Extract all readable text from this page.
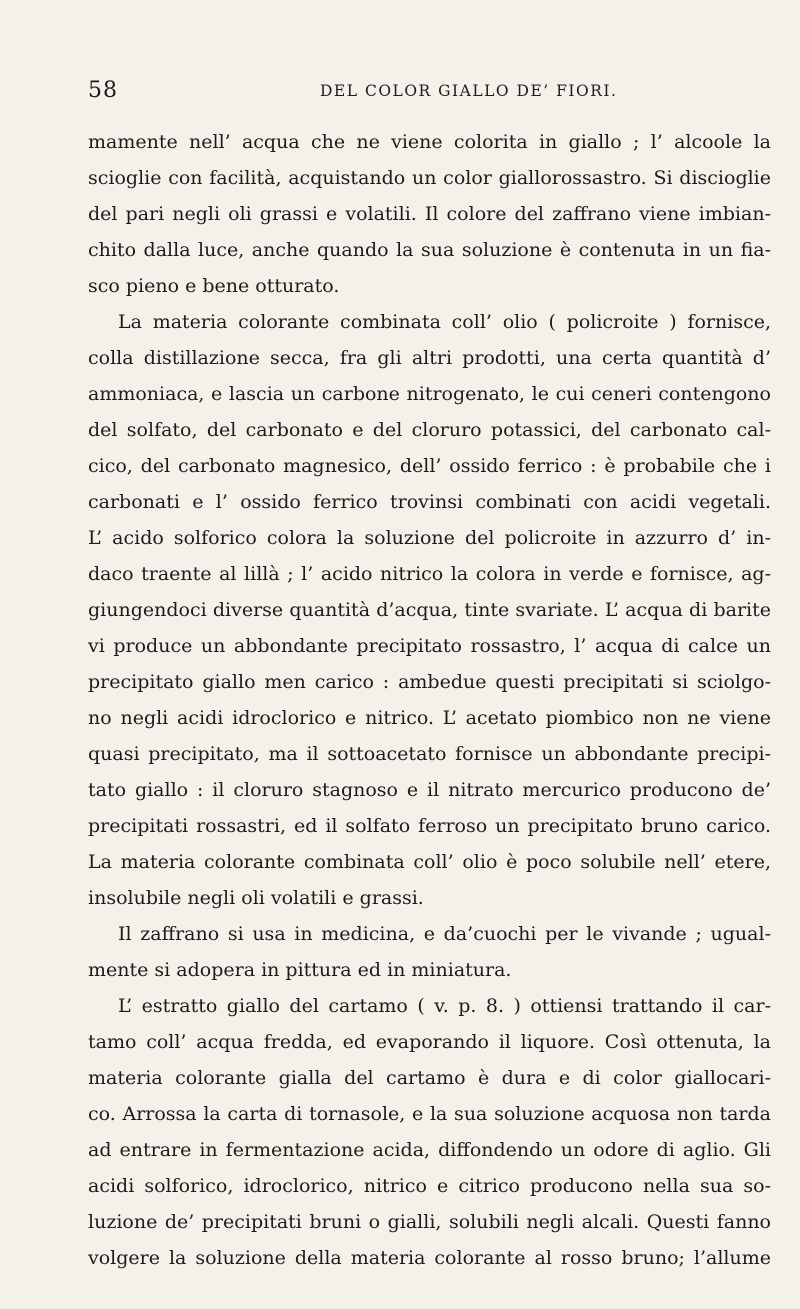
58	DEL COLOR GIALLO DE’ FIORI.
mamente nell’ acqua che ne viene colorita in giallo ; l’ alcoole la
scioglie con facilità, acquistando un color giallorossastro. Si discioglie
del pari negli oli grassi e volatili. Il colore del zaffrano viene imbian-
chito dalla luce, anche quando la sua soluzione è contenuta in un fia-
sco pieno e bene otturato.
La materia colorante combinata coll’ olio ( policroite ) fornisce,
colla distillazione secca, fra gli altri prodotti, una certa quantità d’
ammoniaca, e lascia un carbone nitrogenato, le cui ceneri contengono
del solfato, del carbonato e del cloruro potassici, del carbonato cal-
cico, del carbonato magnesico, dell’ ossido ferrico : è probabile che i
carbonati e l’ ossido ferrico trovinsi combinati con acidi vegetali.
L’ acido solforico colora la soluzione del policroite in azzurro d’ in-
daco traente al lillà ; l’ acido nitrico la colora in verde e fornisce, ag-
giungendoci diverse quantità d’acqua, tinte svariate. L’ acqua di barite
vi produce un abbondante precipitato rossastro, l’ acqua di calce un
precipitato giallo men carico : ambedue questi precipitati si sciolgo-
no negli acidi idroclorico e nitrico. L’ acetato piombico non ne viene
quasi precipitato, ma il sottoacetato fornisce un abbondante precipi-
tato giallo : il cloruro stagnoso e il nitrato mercurico producono de’
precipitati rossastri, ed il solfato ferroso un precipitato bruno carico.
La materia colorante combinata coll’ olio è poco solubile nell’ etere,
insolubile negli oli volatili e grassi.
Il zaffrano si usa in medicina, e da’cuochi per le vivande ; ugual-
mente si adopera in pittura ed in miniatura.
L’ estratto giallo del cartamo ( v. p. 8. ) ottiensi trattando il car-
tamo coll’ acqua fredda, ed evaporando il liquore. Così ottenuta, la
materia colorante gialla del cartamo è dura e di color giallocari-
co. Arrossa la carta di tornasole, e la sua soluzione acquosa non tarda
ad entrare in fermentazione acida, diffondendo un odore di aglio. Gli
acidi solforico, idroclorico, nitrico e citrico producono nella sua so-
luzione de’ precipitati bruni o gialli, solubili negli alcali. Questi fanno
volgere la soluzione della materia colorante al rosso bruno; l’allume
